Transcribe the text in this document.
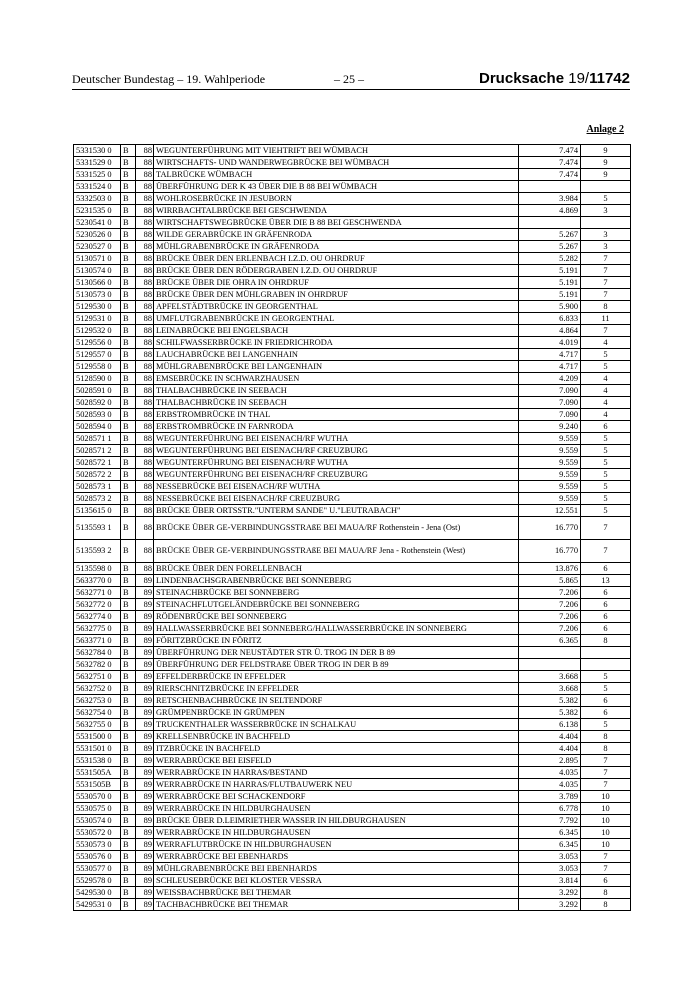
Deutscher Bundestag – 19. Wahlperiode	– 25 –	Drucksache 19/11742
Anlage 2
5331530 0	B	88	WEGUNTERFÜHRUNG MIT VIEHTRIFT BEI WÜMBACH	7.474	9
5331529 0	B	88	WIRTSCHAFTS- UND WANDERWEGBRÜCKE BEI WÜMBACH	7.474	9
5331525 0	B	88	TALBRÜCKE WÜMBACH	7.474	9
5331524 0	B	88	ÜBERFÜHRUNG DER K 43 ÜBER DIE B 88 BEI WÜMBACH		
5332503 0	B	88	WOHLROSEBRÜCKE IN JESUBORN	3.984	5
5231535 0	B	88	WIRRBACHTALBRÜCKE BEI GESCHWENDA	4.869	3
5230541 0	B	88	WIRTSCHAFTSWEGBRÜCKE ÜBER DIE B 88 BEI GESCHWENDA		
5230526 0	B	88	WILDE GERABRÜCKE IN GRÄFENRODA	5.267	3
5230527 0	B	88	MÜHLGRABENBRÜCKE IN GRÄFENRODA	5.267	3
5130571 0	B	88	BRÜCKE ÜBER DEN ERLENBACH I.Z.D. OU OHRDRUF	5.282	7
5130574 0	B	88	BRÜCKE ÜBER DEN RÖDERGRABEN I.Z.D. OU OHRDRUF	5.191	7
5130566 0	B	88	BRÜCKE ÜBER DIE OHRA IN OHRDRUF	5.191	7
5130573 0	B	88	BRÜCKE ÜBER DEN MÜHLGRABEN IN OHRDRUF	5.191	7
5129530 0	B	88	APFELSTÄDTBRÜCKE IN GEORGENTHAL	5.900	8
5129531 0	B	88	UMFLUTGRABENBRÜCKE IN GEORGENTHAL	6.833	11
5129532 0	B	88	LEINABRÜCKE BEI ENGELSBACH	4.864	7
5129556 0	B	88	SCHILFWASSERBRÜCKE IN FRIEDRICHRODA	4.019	4
5129557 0	B	88	LAUCHABRÜCKE BEI LANGENHAIN	4.717	5
5129558 0	B	88	MÜHLGRABENBRÜCKE BEI LANGENHAIN	4.717	5
5128590 0	B	88	EMSEBRÜCKE IN SCHWARZHAUSEN	4.209	4
5028591 0	B	88	THALBACHBRÜCKE IN SEEBACH	7.090	4
5028592 0	B	88	THALBACHBRÜCKE IN SEEBACH	7.090	4
5028593 0	B	88	ERBSTROMBRÜCKE IN THAL	7.090	4
5028594 0	B	88	ERBSTROMBRÜCKE IN FARNRODA	9.240	6
5028571 1	B	88	WEGUNTERFÜHRUNG BEI EISENACH/RF WUTHA	9.559	5
5028571 2	B	88	WEGUNTERFÜHRUNG BEI EISENACH/RF CREUZBURG	9.559	5
5028572 1	B	88	WEGUNTERFÜHRUNG BEI EISENACH/RF WUTHA	9.559	5
5028572 2	B	88	WEGUNTERFÜHRUNG BEI EISENACH/RF CREUZBURG	9.559	5
5028573 1	B	88	NESSEBRÜCKE BEI EISENACH/RF WUTHA	9.559	5
5028573 2	B	88	NESSEBRÜCKE BEI EISENACH/RF CREUZBURG	9.559	5
5135615 0	B	88	BRÜCKE ÜBER ORTSSTR."UNTERM SANDE" U."LEUTRABACH"	12.551	5
5135593 1	B	88	BRÜCKE ÜBER GE-VERBINDUNGSSTRAßE BEI MAUA/RF Rothenstein - Jena (Ost)	16.770	7
5135593 2	B	88	BRÜCKE ÜBER GE-VERBINDUNGSSTRAßE BEI MAUA/RF Jena - Rothenstein (West)	16.770	7
5135598 0	B	88	BRÜCKE ÜBER DEN FORELLENBACH	13.876	6
5633770 0	B	89	LINDENBACHSGRABENBRÜCKE BEI SONNEBERG	5.865	13
5632771 0	B	89	STEINACHBRÜCKE BEI SONNEBERG	7.206	6
5632772 0	B	89	STEINACHFLUTGELÄNDEBRÜCKE BEI SONNEBERG	7.206	6
5632774 0	B	89	RÖDENBRÜCKE BEI SONNEBERG	7.206	6
5632775 0	B	89	HALLWASSERBRÜCKE BEI SONNEBERG/HALLWASSERBRÜCKE IN SONNEBERG	7.206	6
5633771 0	B	89	FÖRITZBRÜCKE IN FÖRITZ	6.365	8
5632784 0	B	89	ÜBERFÜHRUNG DER NEUSTÄDTER STR Ü. TROG IN DER B 89		
5632782 0	B	89	ÜBERFÜHRUNG DER FELDSTRAßE ÜBER TROG IN DER B 89		
5632751 0	B	89	EFFELDERBRÜCKE IN EFFELDER	3.668	5
5632752 0	B	89	RIERSCHNITZBRÜCKE IN EFFELDER	3.668	5
5632753 0	B	89	RETSCHENBACHBRÜCKE IN SELTENDORF	5.382	6
5632754 0	B	89	GRÜMPENBRÜCKE IN GRÜMPEN	5.382	6
5632755 0	B	89	TRUCKENTHALER WASSERBRÜCKE IN SCHALKAU	6.138	5
5531500 0	B	89	KRELLSENBRÜCKE IN BACHFELD	4.404	8
5531501 0	B	89	ITZBRÜCKE IN BACHFELD	4.404	8
5531538 0	B	89	WERRABRÜCKE BEI EISFELD	2.895	7
5531505A	B	89	WERRABRÜCKE IN HARRAS/BESTAND	4.035	7
5531505B	B	89	WERRABRÜCKE IN HARRAS/FLUTBAUWERK NEU	4.035	7
5530570 0	B	89	WERRABRÜCKE BEI SCHACKENDORF	3.789	10
5530575 0	B	89	WERRABRÜCKE IN HILDBURGHAUSEN	6.778	10
5530574 0	B	89	BRÜCKE ÜBER D.LEIMRIETHER WASSER IN HILDBURGHAUSEN	7.792	10
5530572 0	B	89	WERRABRÜCKE IN HILDBURGHAUSEN	6.345	10
5530573 0	B	89	WERRAFLUTBRÜCKE IN HILDBURGHAUSEN	6.345	10
5530576 0	B	89	WERRABRÜCKE BEI EBENHARDS	3.053	7
5530577 0	B	89	MÜHLGRABENBRÜCKE BEI EBENHARDS	3.053	7
5529578 0	B	89	SCHLEUSEBRÜCKE BEI KLOSTER VESSRA	3.814	6
5429530 0	B	89	WEISSBACHBRÜCKE BEI THEMAR	3.292	8
5429531 0	B	89	TACHBACHBRÜCKE BEI THEMAR	3.292	8
